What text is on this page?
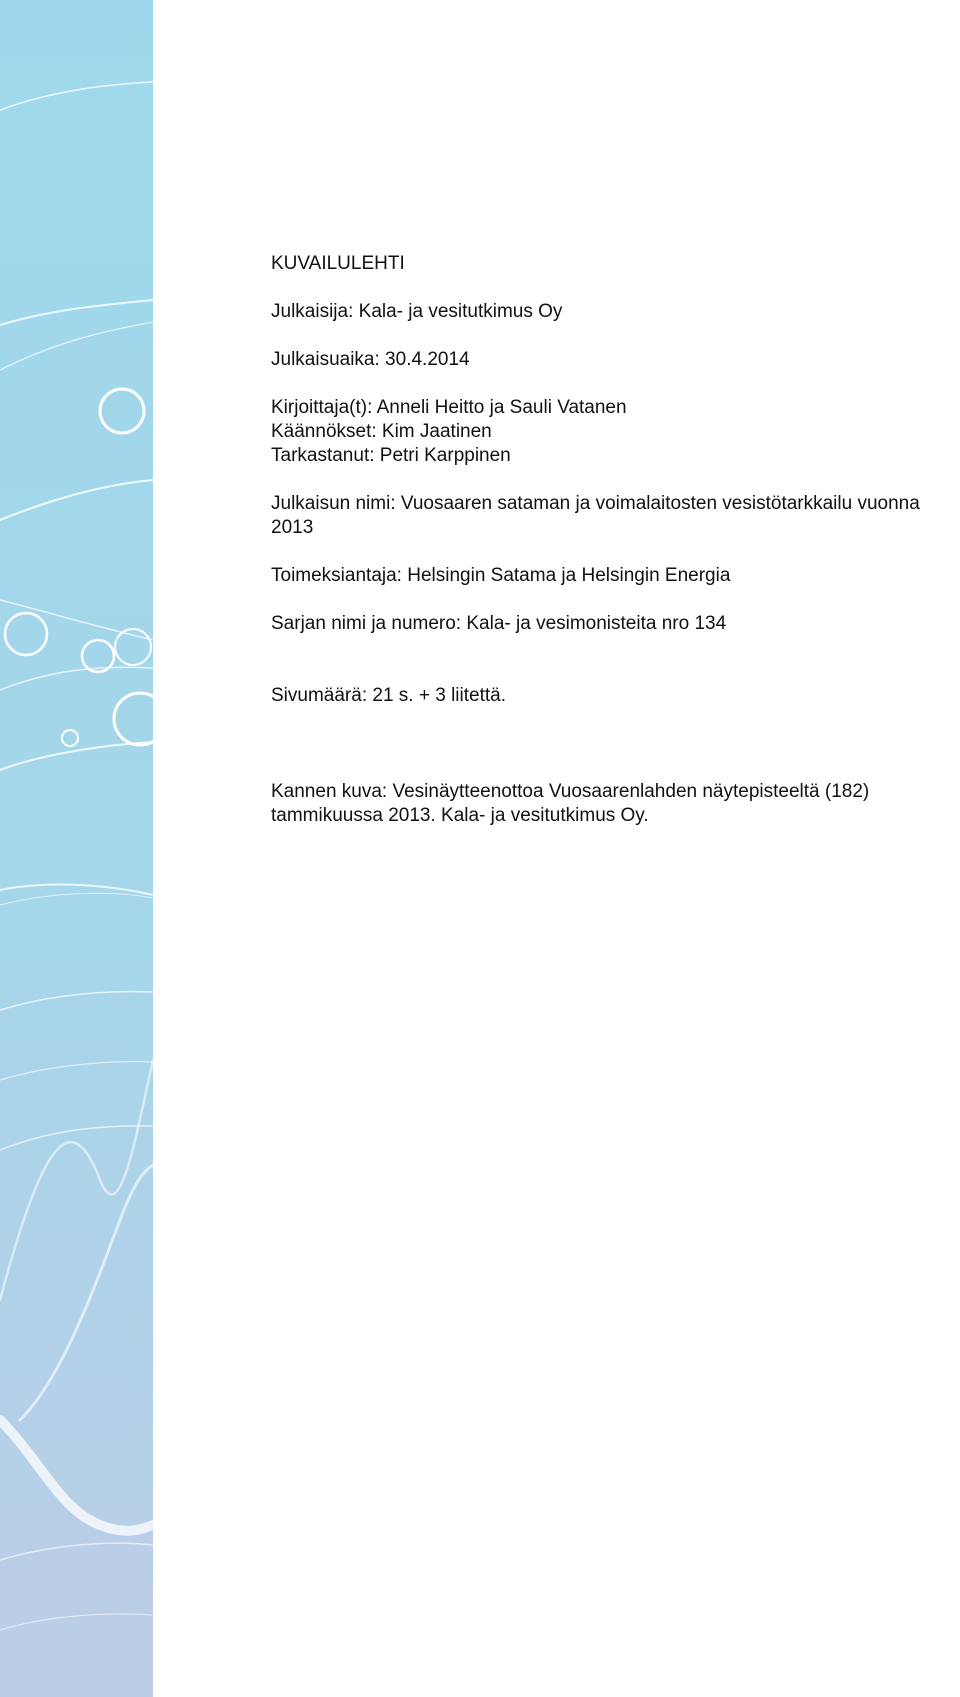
KUVAILULEHTI

Julkaisija: Kala- ja vesitutkimus Oy

Julkaisuaika: 30.4.2014

Kirjoittaja(t): Anneli Heitto ja Sauli Vatanen

Käännökset: Kim Jaatinen

Tarkastanut: Petri Karppinen

Julkaisun nimi: Vuosaaren sataman ja voimalaitosten vesistötarkkailu vuonna

2013

Toimeksiantaja: Helsingin Satama ja Helsingin Energia

Sarjan nimi ja numero: Kala- ja vesimonisteita nro 134

Sivumäärä: 21 s. + 3 liitettä.

Kannen kuva: Vesinäytteenottoa Vuosaarenlahden näytepisteeltä (182)

tammikuussa 2013. Kala- ja vesitutkimus Oy.
